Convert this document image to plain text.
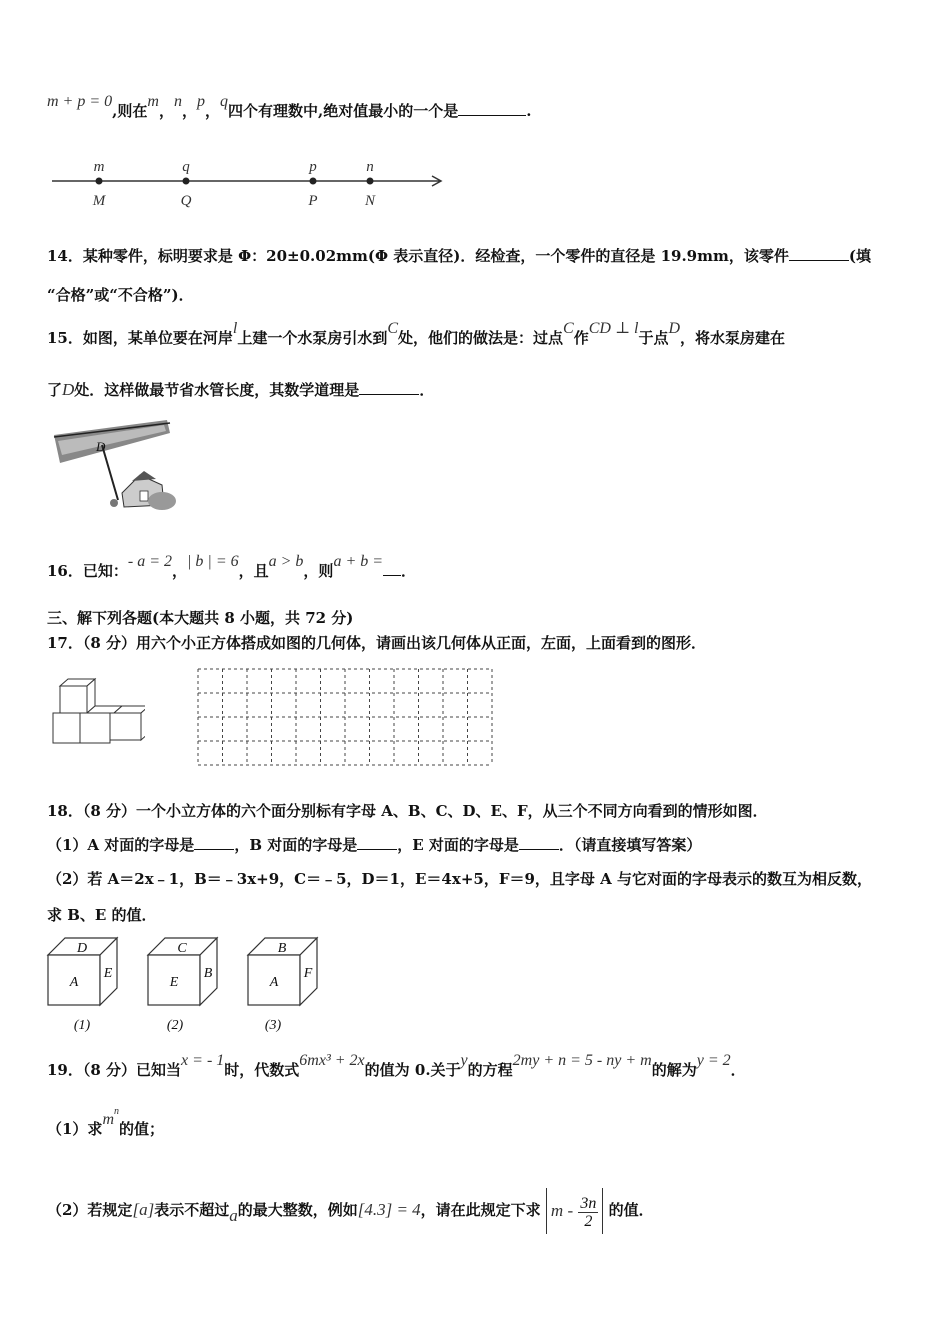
m + p = 0,则在m，n，p，q四个有理数中,绝对值最小的一个是	.
m	q	p	n
M	Q	P	N
14．某种零件，标明要求是 Φ：20±0.02mm(Φ 表示直径)．经检查，一个零件的直径是 19.9mm，该零件	(填
“合格”或“不合格”)．
15．如图，某单位要在河岸l上建一个水泵房引水到C处，他们的做法是：过点C作CD ⊥ l于点D，将水泵房建在
了D处．这样做最节省水管长度，其数学道理是	．
D
16．已知：- a = 2，| b | = 6，且a > b，则a + b =．
三、解下列各题(本大题共 8 小题，共 72 分)
17．（8 分）用六个小正方体搭成如图的几何体，请画出该几何体从正面，左面，上面看到的图形．
18．（8 分）一个小立方体的六个面分别标有字母 A、B、C、D、E、F，从三个不同方向看到的情形如图．
（1）A 对面的字母是	，B 对面的字母是	，E 对面的字母是	．（请直接填写答案）
（2）若 A＝2x﹣1，B＝﹣3x+9，C＝﹣5，D＝1，E＝4x+5，F＝9，且字母 A 与它对面的字母表示的数互为相反数，
求 B、E 的值．
D
A
E
(1)
C
E
B
(2)
B
A
F
(3)
19．（8 分）已知当x = - 1时，代数式6mx³ + 2x的值为 0.关于y的方程2my + n = 5 - ny + m的解为y = 2．
（1）求$m^n$的值；
（2）若规定[a]表示不超过a的最大整数，例如[4.3] = 4，请在此规定下求 m - $\frac{3n}{2}$ 的值．
